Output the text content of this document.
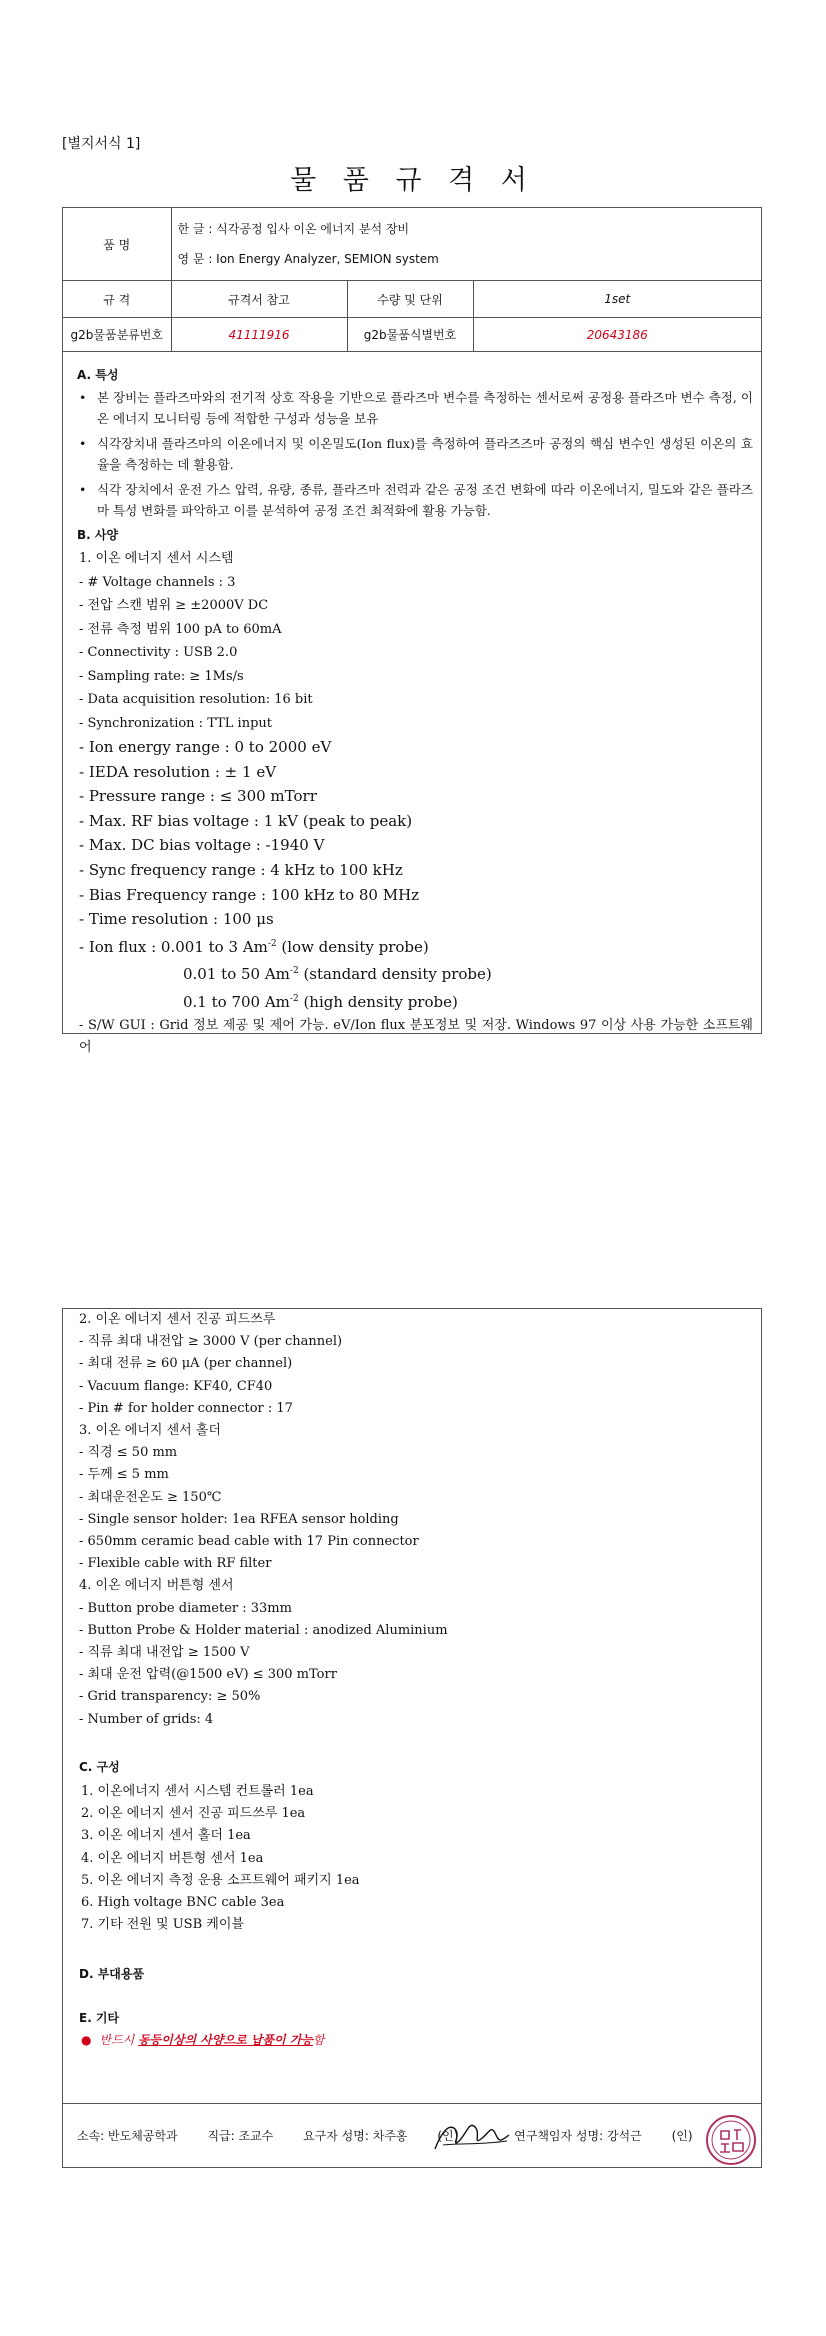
[별지서식 1]
물 품 규 격 서
품 명	한 글 : 식각공정 입사 이온 에너지 분석 장비
영 문 : Ion Energy Analyzer, SEMION system		

규 격	규격서 참고	수량 및 단위	1set
g2b물품분류번호	41111916	g2b물품식별번호	20643186

A. 특성

• 본 장비는 플라즈마와의 전기적 상호 작용을 기반으로 플라즈마 변수를 측정하는 센서로써 공정용 플라즈마 변수 측정, 이온 에너지 모니터링 등에 적합한 구성과 성능을 보유
• 식각장치내 플라즈마의 이온에너지 및 이온밀도(Ion flux)를 측정하여 플라즈즈마 공정의 핵심 변수인 생성된 이온의 효율을 측정하는 데 활용함.
• 식각 장치에서 운전 가스 압력, 유량, 종류, 플라즈마 전력과 같은 공정 조건 변화에 따라 이온에너지, 밀도와 같은 플라즈마 특성 변화를 파악하고 이를 분석하여 공정 조건 최적화에 활용 가능함.

B. 사양

1. 이온 에너지 센서 시스템
- # Voltage channels : 3
- 전압 스캔 범위 ≥ ±2000V DC
- 전류 측정 범위 100 pA to 60mA
- Connectivity : USB 2.0
- Sampling rate: ≥ 1Ms/s
- Data acquisition resolution: 16 bit
- Synchronization : TTL input
- Ion energy range : 0 to 2000 eV
- IEDA resolution : ± 1 eV
- Pressure range : ≤ 300 mTorr
- Max. RF bias voltage : 1 kV (peak to peak)
- Max. DC bias voltage : -1940 V
- Sync frequency range : 4 kHz to 100 kHz
- Bias Frequency range : 100 kHz to 80 MHz
- Time resolution : 100 μs
- Ion flux : 0.001 to 3 $Am^{-2}$ (low density probe)
0.01 to 50 $Am^{-2}$ (standard density probe)
0.1 to 700 $Am^{-2}$ (high density probe)
- S/W GUI : Grid 정보 제공 및 제어 가능. eV/Ion flux 분포정보 및 저장. Windows 97 이상 사용 가능한 소프트웨어
2. 이온 에너지 센서 진공 피드쓰루
- 직류 최대 내전압 ≥ 3000 V (per channel)
- 최대 전류 ≥ 60 μA (per channel)
- Vacuum flange: KF40, CF40
- Pin # for holder connector : 17
3. 이온 에너지 센서 홀더
- 직경 ≤ 50 mm
- 두께 ≤ 5 mm
- 최대운전온도 ≥ 150℃
- Single sensor holder: 1ea RFEA sensor holding
- 650mm ceramic bead cable with 17 Pin connector
- Flexible cable with RF filter
4. 이온 에너지 버튼형 센서
- Button probe diameter : 33mm
- Button Probe & Holder material : anodized Aluminium
- 직류 최대 내전압 ≥ 1500 V
- 최대 운전 압력(@1500 eV) ≤ 300 mTorr
- Grid transparency: ≥ 50%
- Number of grids: 4
C. 구성
1. 이온에너지 센서 시스템 컨트롤러 1ea
2. 이온 에너지 센서 진공 피드쓰루 1ea
3. 이온 에너지 센서 홀더 1ea
4. 이온 에너지 버튼형 센서 1ea
5. 이온 에너지 측정 운용 소프트웨어 패키지 1ea
6. High voltage BNC cable 3ea
7. 기타 전원 및 USB 케이블
D. 부대용품
E. 기타
● 반드시 동등이상의 사양으로 납품이 가능함
소속: 반도체공학과 직급: 조교수 요구자 성명: 차주홍 (인)	연구책임자 성명: 강석근 (인)
